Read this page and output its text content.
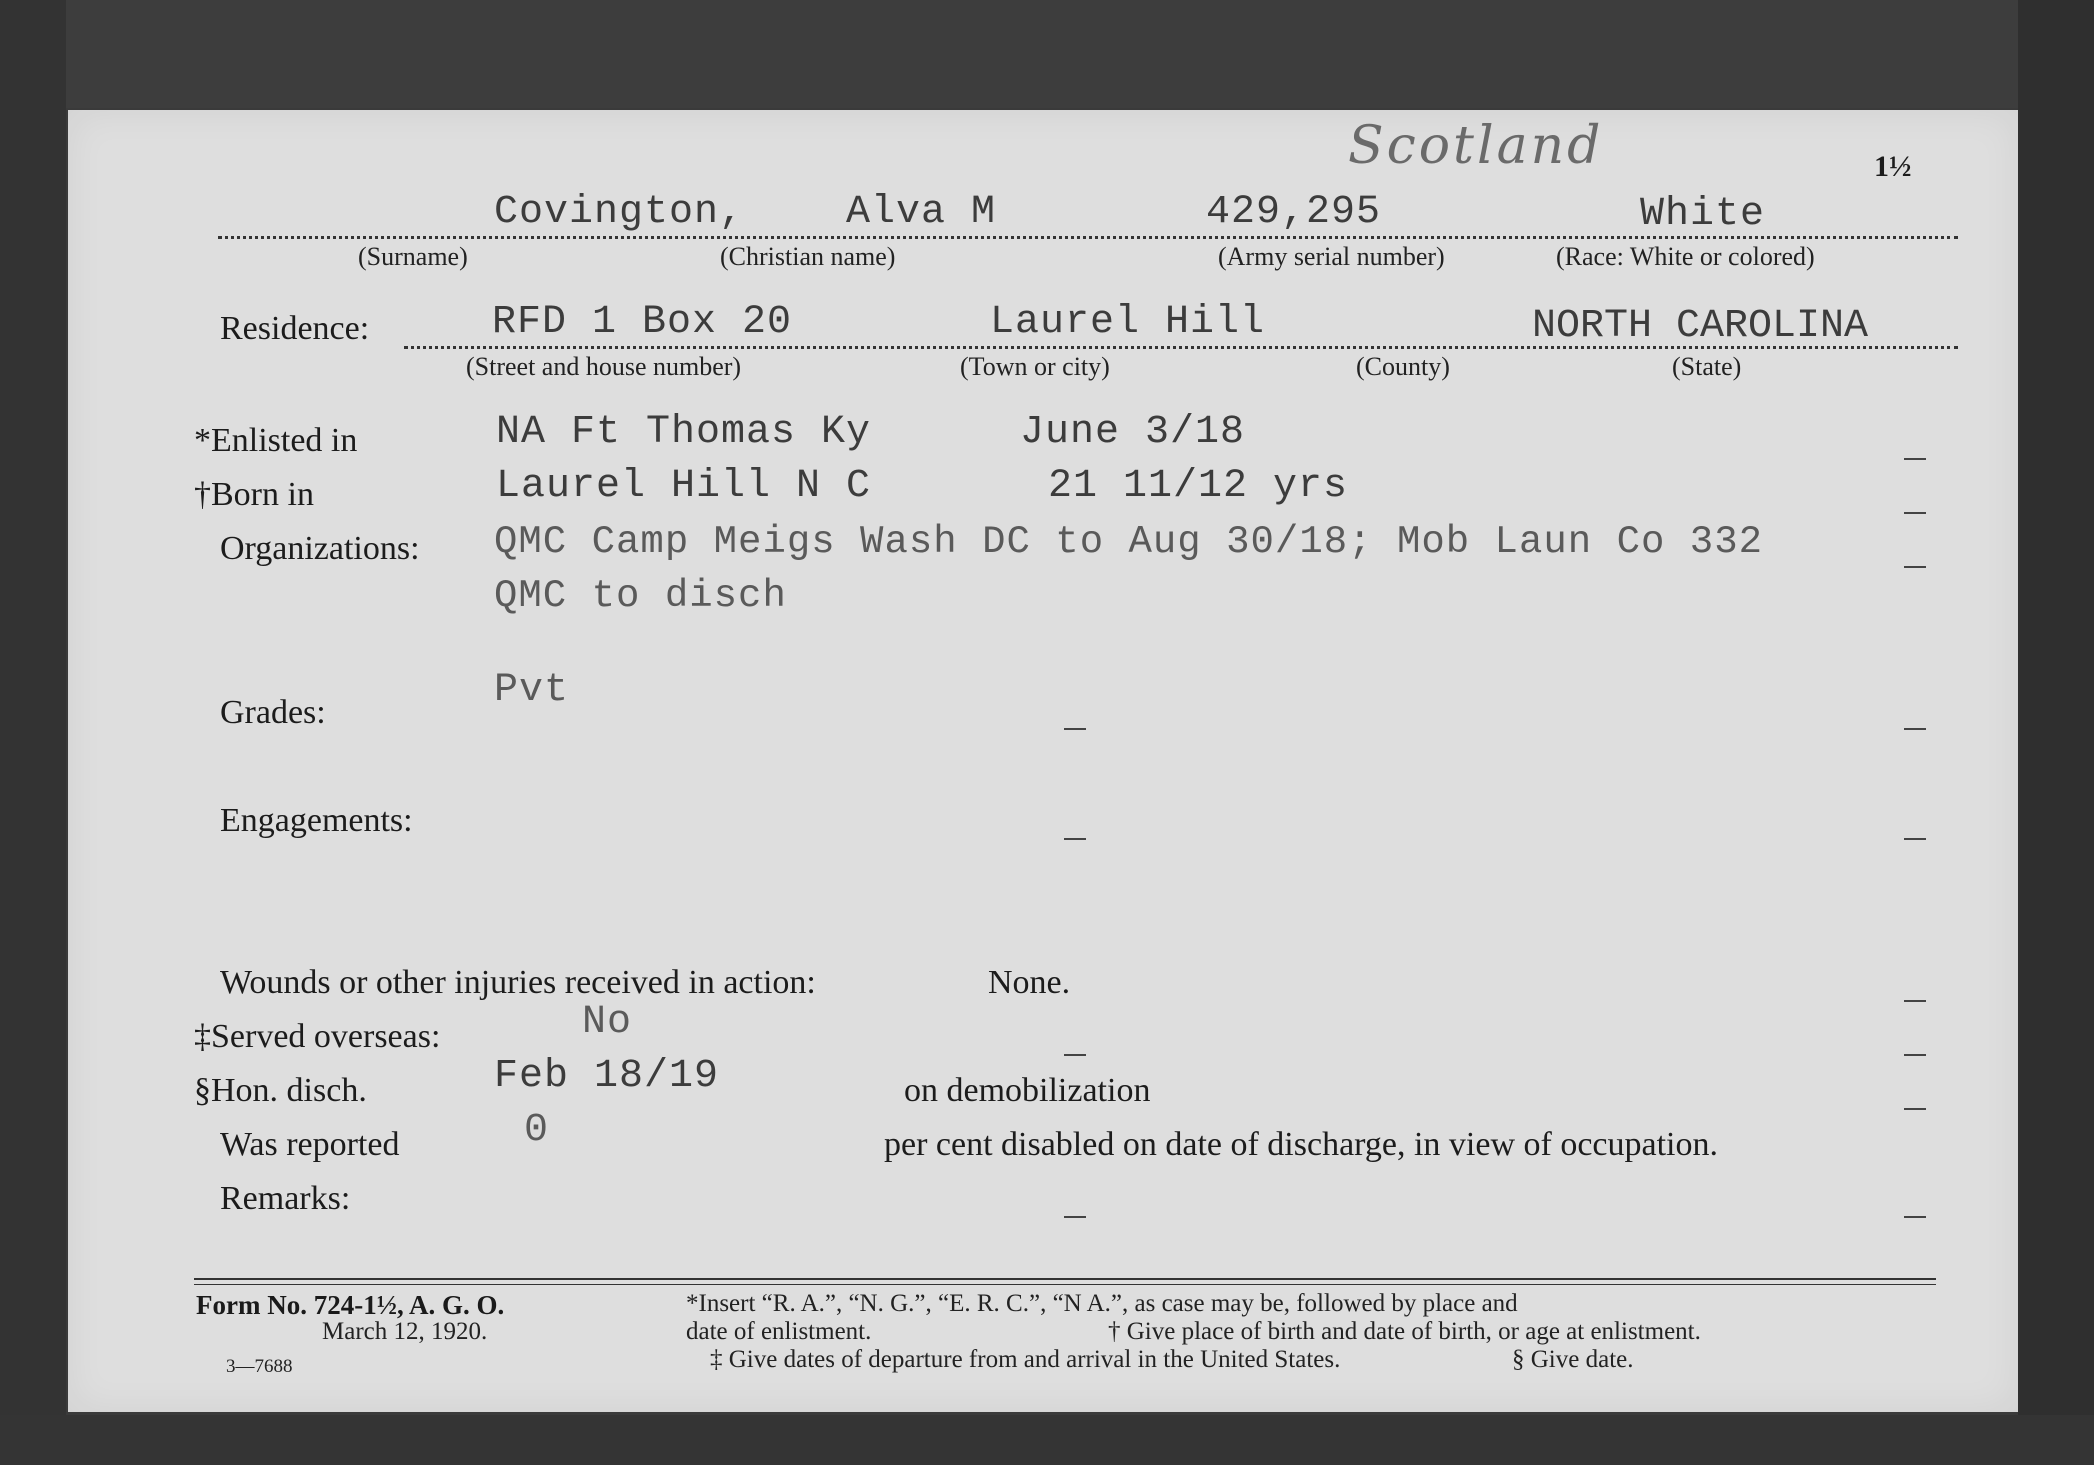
Scotland	1½
Covington,	Alva M	429,295	White
(Surname)	(Christian name)	(Army serial number)	(Race: White or colored)
Residence:	RFD 1 Box 20	Laurel Hill	NORTH CAROLINA
(Street and house number)	(Town or city)	(County)	(State)
*Enlisted in	NA Ft Thomas Ky	June 3/18
†Born in	Laurel Hill N C	21 11/12 yrs
Organizations: QMC Camp Meigs Wash DC to Aug 30/18; Mob Laun Co 332
QMC to disch
Grades:	Pvt
Engagements:
Wounds or other injuries received in action:	None.
‡Served overseas:	No
§Hon. disch.	Feb 18/19	on demobilization
Was reported	0	per cent disabled on date of discharge, in view of occupation.
Remarks:
Form No. 724-1½, A. G. O.
March 12, 1920.
3—7688
*Insert “R. A.”, “N. G.”, “E. R. C.”, “N A.”, as case may be, followed by place and
date of enlistment.	† Give place of birth and date of birth, or age at enlistment.
‡ Give dates of departure from and arrival in the United States.	§ Give date.
